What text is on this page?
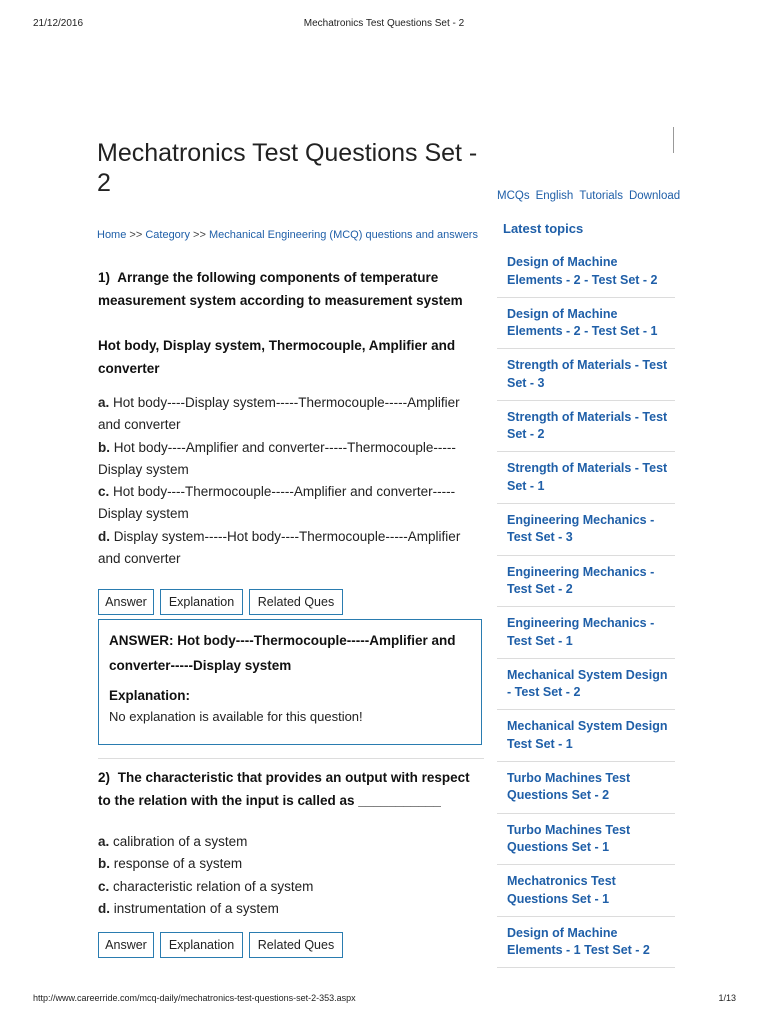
21/12/2016	Mechatronics Test Questions Set - 2
Mechatronics Test Questions Set - 2
Home >> Category >> Mechanical Engineering (MCQ) questions and answers
1) Arrange the following components of temperature measurement system according to measurement system
Hot body, Display system, Thermocouple, Amplifier and converter
a. Hot body----Display system-----Thermocouple-----Amplifier and converter
b. Hot body----Amplifier and converter-----Thermocouple-----Display system
c. Hot body----Thermocouple-----Amplifier and converter-----Display system
d. Display system-----Hot body----Thermocouple-----Amplifier and converter
Answer	Explanation	Related Ques
ANSWER: Hot body----Thermocouple-----Amplifier and converter-----Display system
Explanation:
No explanation is available for this question!
2) The characteristic that provides an output with respect to the relation with the input is called as ___________
a. calibration of a system
b. response of a system
c. characteristic relation of a system
d. instrumentation of a system
Answer	Explanation	Related Ques
MCQs English Tutorials Download
Latest topics
Design of Machine Elements - 2 - Test Set - 2
Design of Machine Elements - 2 - Test Set - 1
Strength of Materials - Test Set - 3
Strength of Materials - Test Set - 2
Strength of Materials - Test Set - 1
Engineering Mechanics - Test Set - 3
Engineering Mechanics - Test Set - 2
Engineering Mechanics - Test Set - 1
Mechanical System Design - Test Set - 2
Mechanical System Design Test Set - 1
Turbo Machines Test Questions Set - 2
Turbo Machines Test Questions Set - 1
Mechatronics Test Questions Set - 1
Design of Machine Elements - 1 Test Set - 2
http://www.careerride.com/mcq-daily/mechatronics-test-questions-set-2-353.aspx	1/13
